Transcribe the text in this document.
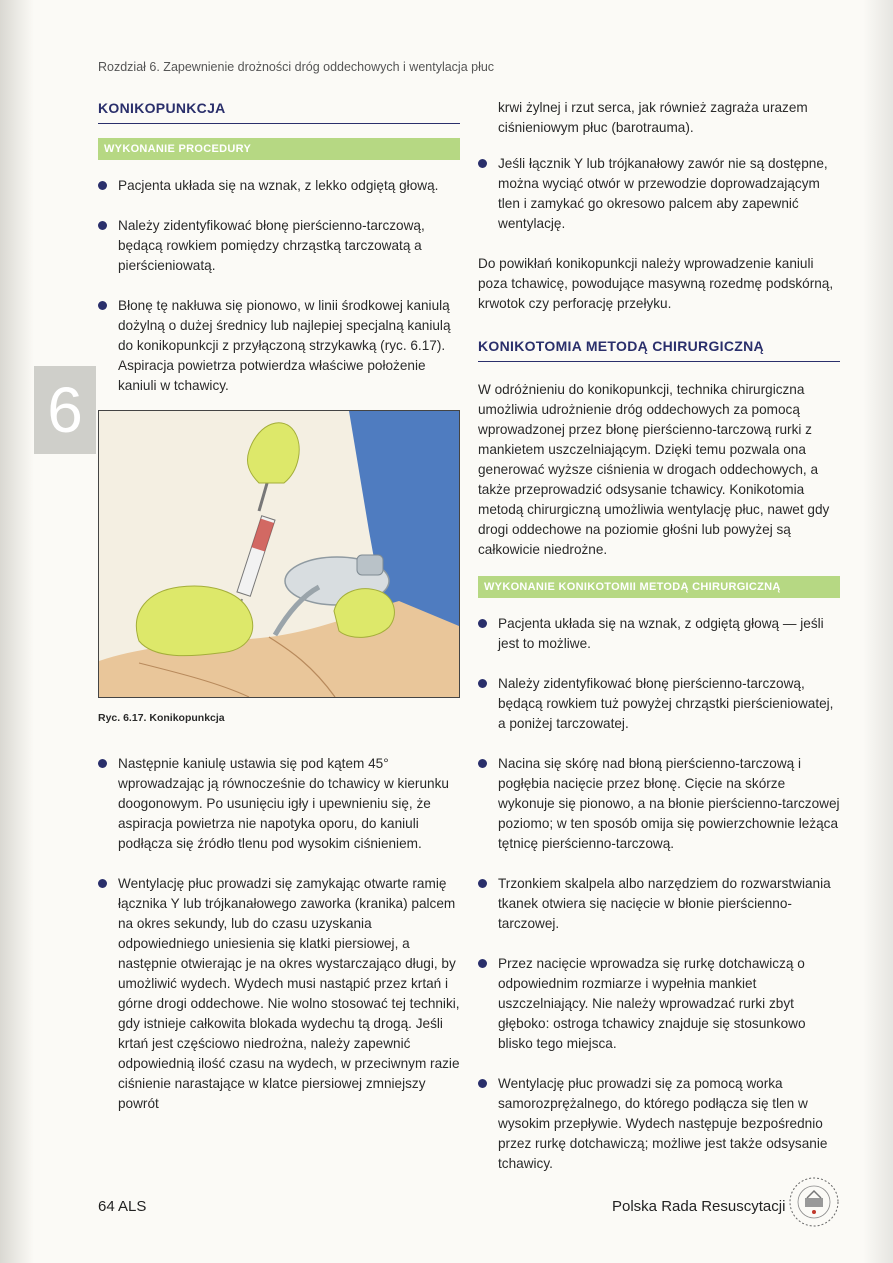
6
Rozdział 6. Zapewnienie drożności dróg oddechowych i wentylacja płuc
KONIKOPUNKCJA
WYKONANIE PROCEDURY
Pacjenta układa się na wznak, z lekko odgiętą głową.
Należy zidentyfikować błonę pierścienno-tarczową, będącą rowkiem pomiędzy chrząstką tarczowatą a pierścieniowatą.
Błonę tę nakłuwa się pionowo, w linii środkowej kaniulą dożylną o dużej średnicy lub najlepiej specjalną kaniulą do konikopunkcji z przyłączoną strzykawką (ryc. 6.17). Aspiracja powietrza potwierdza właściwe położenie kaniuli w tchawicy.
Ryc. 6.17. Konikopunkcja
Następnie kaniulę ustawia się pod kątem 45° wprowadzając ją równocześnie do tchawicy w kierunku doogonowym. Po usunięciu igły i upewnieniu się, że aspiracja powietrza nie napotyka oporu, do kaniuli podłącza się źródło tlenu pod wysokim ciśnieniem.
Wentylację płuc prowadzi się zamykając otwarte ramię łącznika Y lub trójkanałowego zaworka (kranika) palcem na okres sekundy, lub do czasu uzyskania odpowiedniego uniesienia się klatki piersiowej, a następnie otwierając je na okres wystarczająco długi, by umożliwić wydech. Wydech musi nastąpić przez krtań i górne drogi oddechowe. Nie wolno stosować tej techniki, gdy istnieje całkowita blokada wydechu tą drogą. Jeśli krtań jest częściowo niedrożna, należy zapewnić odpowiednią ilość czasu na wydech, w przeciwnym razie ciśnienie narastające w klatce piersiowej zmniejszy powrót

krwi żylnej i rzut serca, jak również zagraża urazem ciśnieniowym płuc (barotrauma).

Jeśli łącznik Y lub trójkanałowy zawór nie są dostępne, można wyciąć otwór w przewodzie doprowadzającym tlen i zamykać go okresowo palcem aby zapewnić wentylację.

Do powikłań konikopunkcji należy wprowadzenie kaniuli poza tchawicę, powodujące masywną rozedmę podskórną, krwotok czy perforację przełyku.

KONIKOTOMIA METODĄ CHIRURGICZNĄ

W odróżnieniu do konikopunkcji, technika chirurgiczna umożliwia udrożnienie dróg oddechowych za pomocą wprowadzonej przez błonę pierścienno-tarczową rurki z mankietem uszczelniającym. Dzięki temu pozwala ona generować wyższe ciśnienia w drogach oddechowych, a także przeprowadzić odsysanie tchawicy. Konikotomia metodą chirurgiczną umożliwia wentylację płuc, nawet gdy drogi oddechowe na poziomie głośni lub powyżej są całkowicie niedrożne.

WYKONANIE KONIKOTOMII METODĄ CHIRURGICZNĄ
Pacjenta układa się na wznak, z odgiętą głową — jeśli jest to możliwe.
Należy zidentyfikować błonę pierścienno-tarczową, będącą rowkiem tuż powyżej chrząstki pierścieniowatej, a poniżej tarczowatej.
Nacina się skórę nad błoną pierścienno-tarczową i pogłębia nacięcie przez błonę. Cięcie na skórze wykonuje się pionowo, a na błonie pierścienno-tarczowej poziomo; w ten sposób omija się powierzchownie leżąca tętnicę pierścienno-tarczową.
Trzonkiem skalpela albo narzędziem do rozwarstwiania tkanek otwiera się nacięcie w błonie pierścienno-tarczowej.
Przez nacięcie wprowadza się rurkę dotchawiczą o odpowiednim rozmiarze i wypełnia mankiet uszczelniający. Nie należy wprowadzać rurki zbyt głęboko: ostroga tchawicy znajduje się stosunkowo blisko tego miejsca.
Wentylację płuc prowadzi się za pomocą worka samorozprężalnego, do którego podłącza się tlen w wysokim przepływie. Wydech następuje bezpośrednio przez rurkę dotchawiczą; możliwe jest także odsysanie tchawicy.
64 ALS	Polska Rada Resuscytacji
